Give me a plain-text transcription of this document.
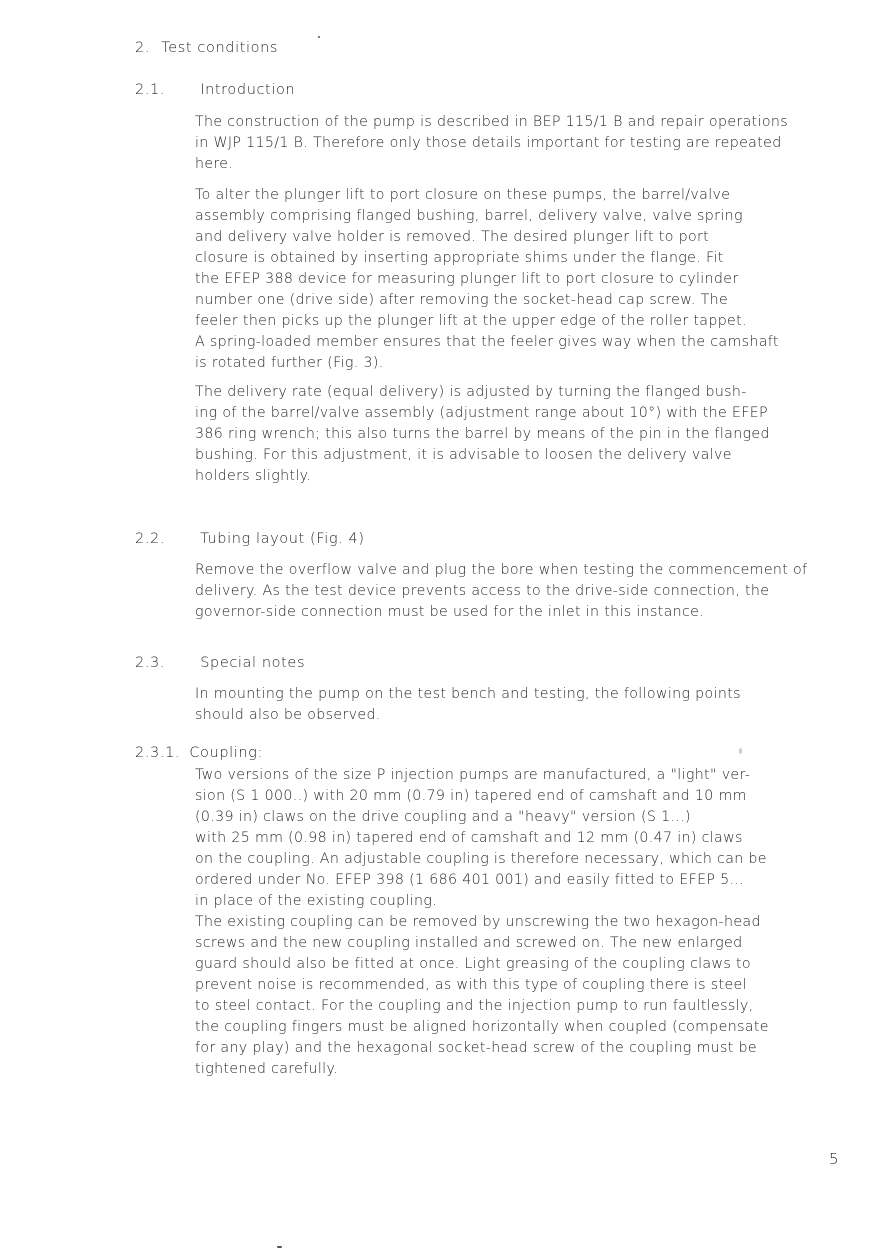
2. Test conditions
2.1. Introduction
The construction of the pump is described in BEP 115/1 B and repair operations
in WJP 115/1 B. Therefore only those details important for testing are repeated
here.
To alter the plunger lift to port closure on these pumps, the barrel/valve
assembly comprising flanged bushing, barrel, delivery valve, valve spring
and delivery valve holder is removed. The desired plunger lift to port
closure is obtained by inserting appropriate shims under the flange. Fit
the EFEP 388 device for measuring plunger lift to port closure to cylinder
number one (drive side) after removing the socket-head cap screw. The
feeler then picks up the plunger lift at the upper edge of the roller tappet.
A spring-loaded member ensures that the feeler gives way when the camshaft
is rotated further (Fig. 3).
The delivery rate (equal delivery) is adjusted by turning the flanged bush-
ing of the barrel/valve assembly (adjustment range about 10°) with the EFEP
386 ring wrench; this also turns the barrel by means of the pin in the flanged
bushing. For this adjustment, it is advisable to loosen the delivery valve
holders slightly.
2.2. Tubing layout (Fig. 4)
Remove the overflow valve and plug the bore when testing the commencement of
delivery. As the test device prevents access to the drive-side connection, the
governor-side connection must be used for the inlet in this instance.
2.3. Special notes
In mounting the pump on the test bench and testing, the following points
should also be observed.
2.3.1. Coupling:
Two versions of the size P injection pumps are manufactured, a "light" ver-
sion (S 1 000..) with 20 mm (0.79 in) tapered end of camshaft and 10 mm
(0.39 in) claws on the drive coupling and a "heavy" version (S 1...)
with 25 mm (0.98 in) tapered end of camshaft and 12 mm (0.47 in) claws
on the coupling. An adjustable coupling is therefore necessary, which can be
ordered under No. EFEP 398 (1 686 401 001) and easily fitted to EFEP 5...
in place of the existing coupling.
The existing coupling can be removed by unscrewing the two hexagon-head
screws and the new coupling installed and screwed on. The new enlarged
guard should also be fitted at once. Light greasing of the coupling claws to
prevent noise is recommended, as with this type of coupling there is steel
to steel contact. For the coupling and the injection pump to run faultlessly,
the coupling fingers must be aligned horizontally when coupled (compensate
for any play) and the hexagonal socket-head screw of the coupling must be
tightened carefully.
5
